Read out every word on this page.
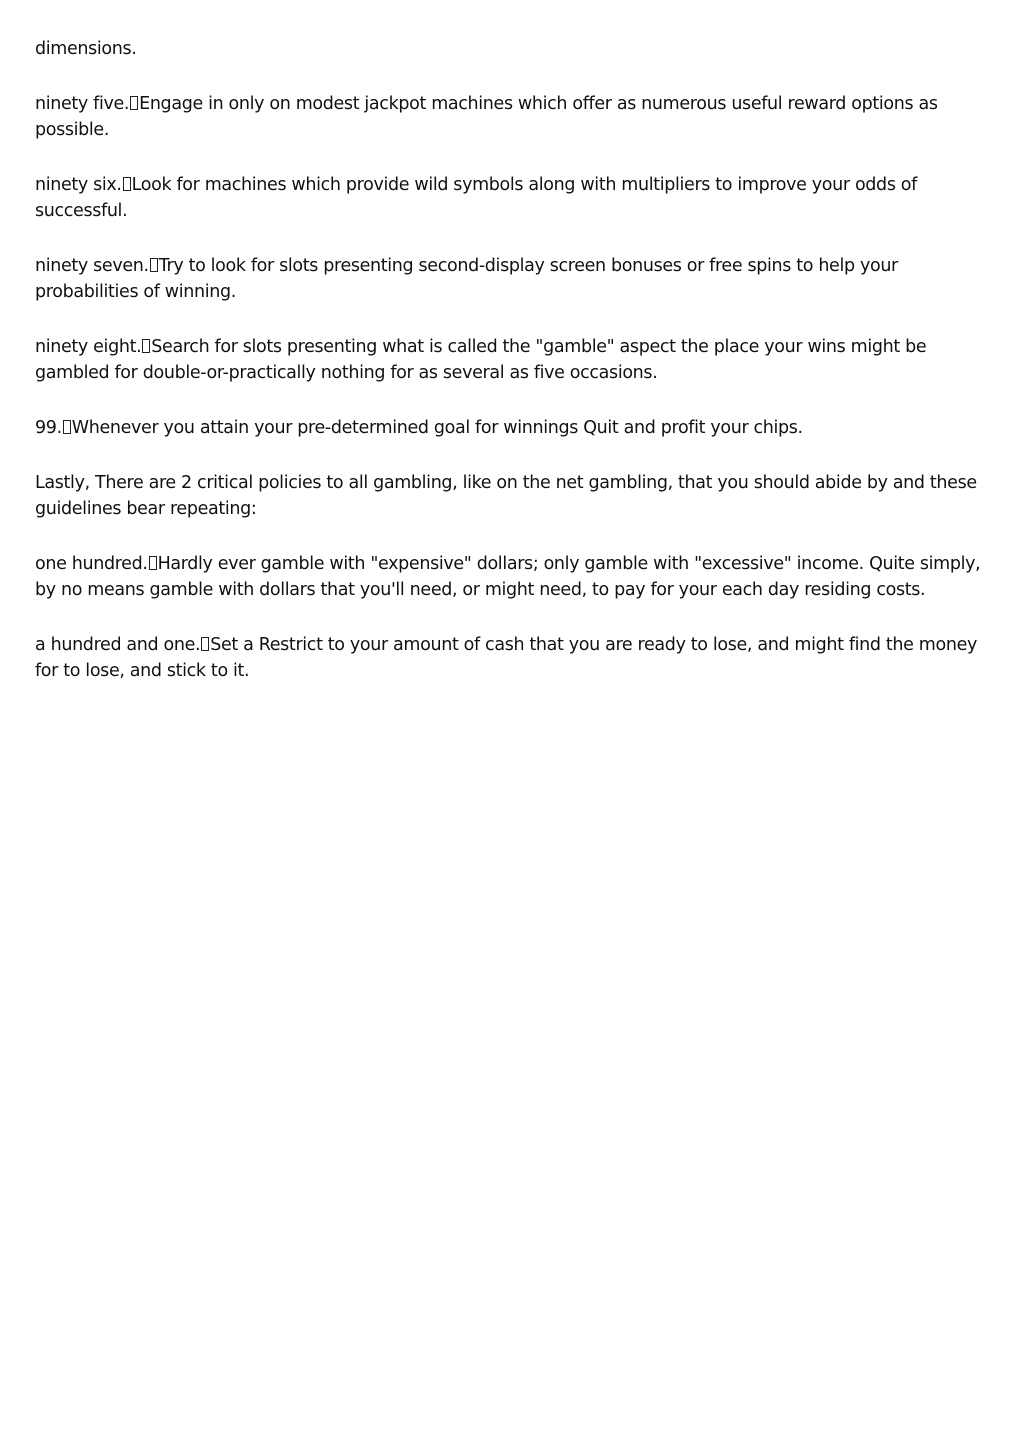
dimensions.

ninety five. Engage in only on modest jackpot machines which offer as numerous useful reward options as possible.

ninety six. Look for machines which provide wild symbols along with multipliers to improve your odds of successful.

ninety seven. Try to look for slots presenting second-display screen bonuses or free spins to help your probabilities of winning.

ninety eight. Search for slots presenting what is called the "gamble" aspect the place your wins might be gambled for double-or-practically nothing for as several as five occasions.

99. Whenever you attain your pre-determined goal for winnings Quit and profit your chips.

Lastly, There are 2 critical policies to all gambling, like on the net gambling, that you should abide by and these guidelines bear repeating:

one hundred. Hardly ever gamble with "expensive" dollars; only gamble with "excessive" income. Quite simply, by no means gamble with dollars that you'll need, or might need, to pay for your each day residing costs.

a hundred and one. Set a Restrict to your amount of cash that you are ready to lose, and might find the money for to lose, and stick to it.
